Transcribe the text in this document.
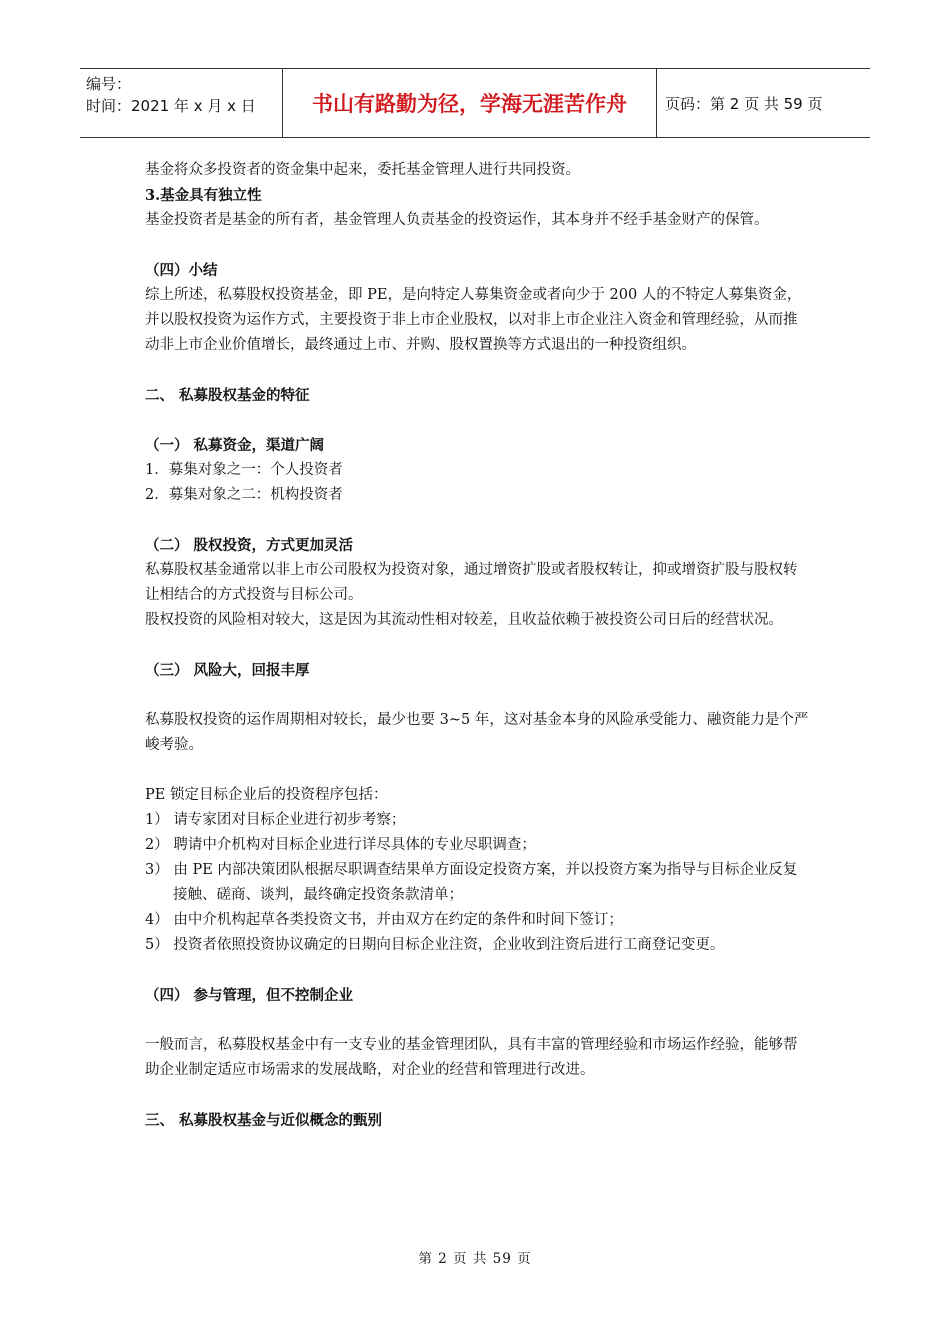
编号：
时间：2021 年 x 月 x 日	书山有路勤为径，学海无涯苦作舟	页码：第 2 页 共 59 页

基金将众多投资者的资金集中起来，委托基金管理人进行共同投资。

3.基金具有独立性

基金投资者是基金的所有者，基金管理人负责基金的投资运作，其本身并不经手基金财产的保管。

（四）小结

综上所述，私募股权投资基金，即 PE，是向特定人募集资金或者向少于 200 人的不特定人募集资金，并以股权投资为运作方式，主要投资于非上市企业股权，以对非上市企业注入资金和管理经验，从而推动非上市企业价值增长，最终通过上市、并购、股权置换等方式退出的一种投资组织。

二、 私募股权基金的特征

（一） 私募资金，渠道广阔

1．募集对象之一：个人投资者

2．募集对象之二：机构投资者

（二） 股权投资，方式更加灵活

私募股权基金通常以非上市公司股权为投资对象，通过增资扩股或者股权转让，抑或增资扩股与股权转让相结合的方式投资与目标公司。

股权投资的风险相对较大，这是因为其流动性相对较差，且收益依赖于被投资公司日后的经营状况。

（三） 风险大，回报丰厚

私募股权投资的运作周期相对较长，最少也要 3~5 年，这对基金本身的风险承受能力、融资能力是个严峻考验。

PE 锁定目标企业后的投资程序包括：

1） 请专家团对目标企业进行初步考察；

2） 聘请中介机构对目标企业进行详尽具体的专业尽职调查；

3） 由 PE 内部决策团队根据尽职调查结果单方面设定投资方案，并以投资方案为指导与目标企业反复接触、磋商、谈判，最终确定投资条款清单；

4） 由中介机构起草各类投资文书，并由双方在约定的条件和时间下签订；

5） 投资者依照投资协议确定的日期向目标企业注资，企业收到注资后进行工商登记变更。

（四） 参与管理，但不控制企业

一般而言，私募股权基金中有一支专业的基金管理团队，具有丰富的管理经验和市场运作经验，能够帮助企业制定适应市场需求的发展战略，对企业的经营和管理进行改进。

三、 私募股权基金与近似概念的甄别

第 2 页 共 59 页
